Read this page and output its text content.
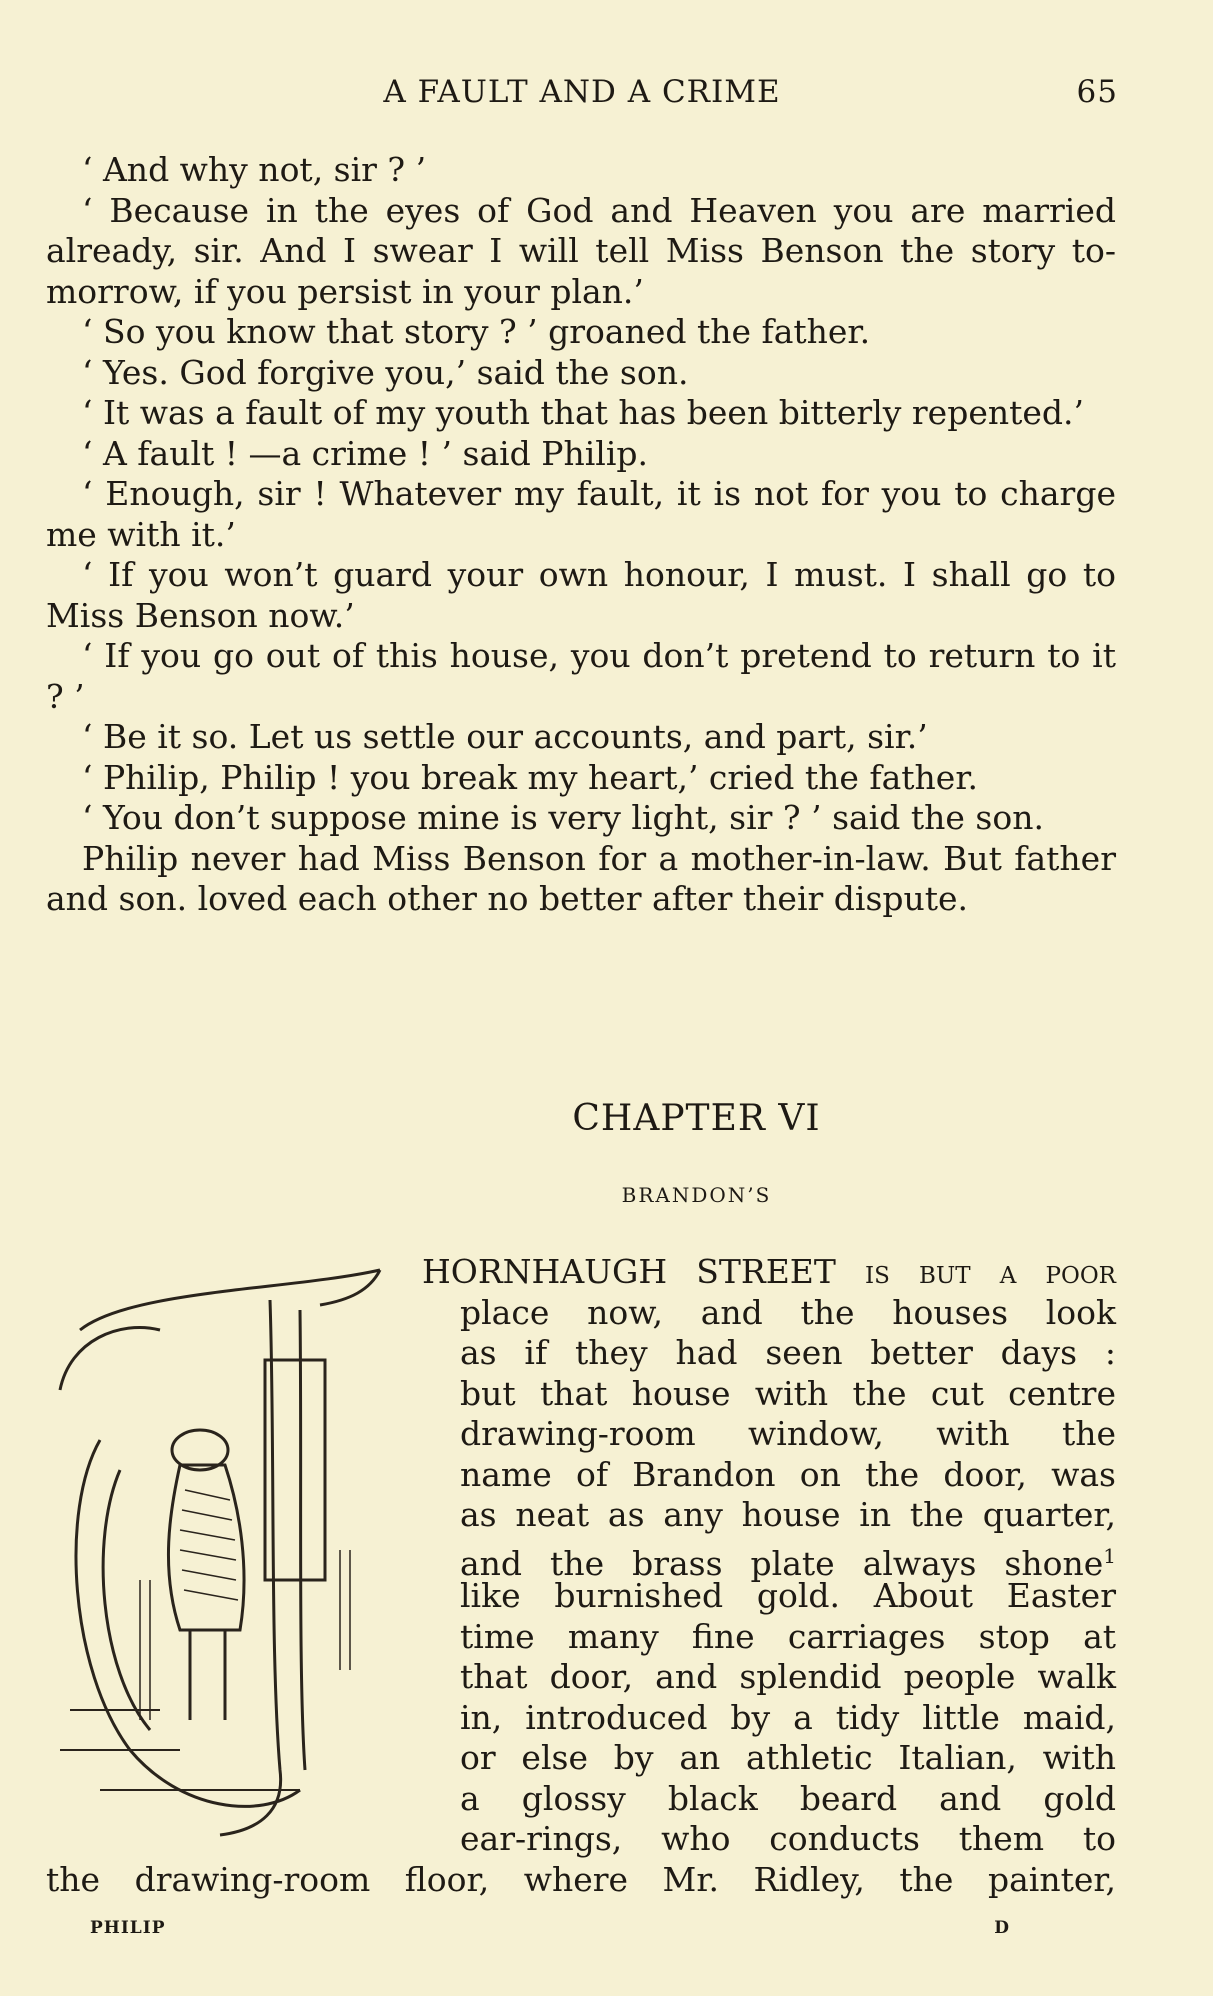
A FAULT AND A CRIME	65

‘ And why not, sir ? ’

‘ Because in the eyes of God and Heaven you are married already, sir. And I swear I will tell Miss Benson the story to-morrow, if you persist in your plan.’

‘ So you know that story ? ’ groaned the father.

‘ Yes. God forgive you,’ said the son.

‘ It was a fault of my youth that has been bitterly repented.’

‘ A fault ! —a crime ! ’ said Philip.

‘ Enough, sir ! Whatever my fault, it is not for you to charge me with it.’

‘ If you won’t guard your own honour, I must. I shall go to Miss Benson now.’

‘ If you go out of this house, you don’t pretend to return to it ? ’

‘ Be it so. Let us settle our accounts, and part, sir.’

‘ Philip, Philip ! you break my heart,’ cried the father.

‘ You don’t suppose mine is very light, sir ? ’ said the son.

Philip never had Miss Benson for a mother-in-law. But father and son. loved each other no better after their dispute.

CHAPTER VI
BRANDON’S
HORNHAUGH STREET is but a poor
place now, and the houses look
as if they had seen better days :
but that house with the cut centre
drawing-room window, with the
name of Brandon on the door, was
as neat as any house in the quarter,
and the brass plate always shone$^1$
like burnished gold. About Easter
time many fine carriages stop at
that door, and splendid people walk
in, introduced by a tidy little maid,
or else by an athletic Italian, with
a glossy black beard and gold
ear-rings, who conducts them to
the drawing-room floor, where Mr. Ridley, the painter,
PHILIP	D
